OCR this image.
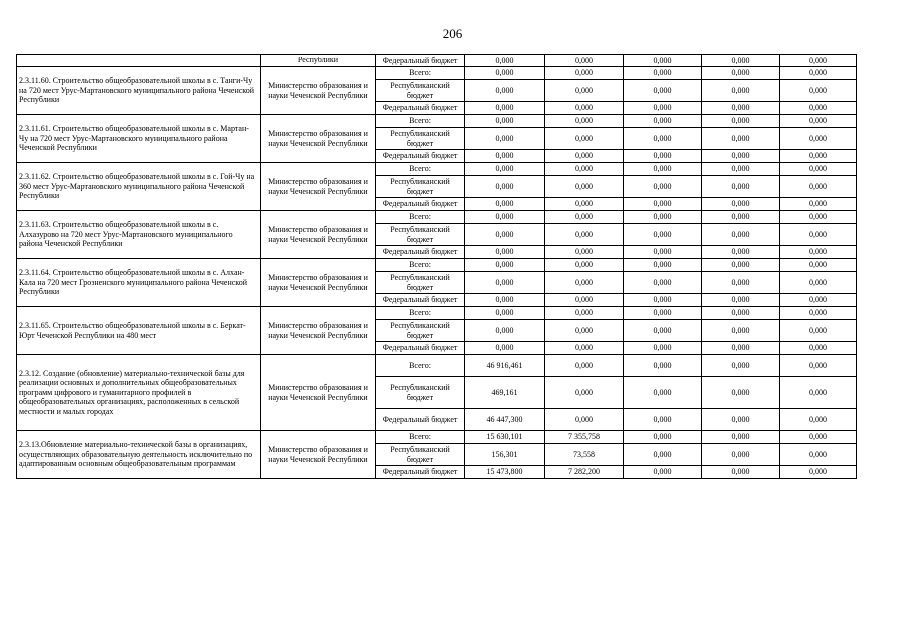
206

	Республики	Федеральный бюджет	0,000	0,000	0,000	0,000	0,000
2.3.11.60. Строительство общеобразовательной школы в с. Танги-Чу на 720 мест Урус-Мартановского муниципального района Чеченской Республики	Министерство образования и науки Чеченской Республики	Всего:	0,000	0,000	0,000	0,000	0,000
		Республиканский бюджет	0,000	0,000	0,000	0,000	0,000
		Федеральный бюджет	0,000	0,000	0,000	0,000	0,000
2.3.11.61. Строительство общеобразовательной школы в с. Мартан-Чу на 720 мест Урус-Мартановского муниципального района Чеченской Республики	Министерство образования и науки Чеченской Республики	Всего:	0,000	0,000	0,000	0,000	0,000
		Республиканский бюджет	0,000	0,000	0,000	0,000	0,000
		Федеральный бюджет	0,000	0,000	0,000	0,000	0,000
2.3.11.62. Строительство общеобразовательной школы в с. Гой-Чу на 360 мест Урус-Мартановского муниципального района Чеченской Республики	Министерство образования и науки Чеченской Республики	Всего:	0,000	0,000	0,000	0,000	0,000
		Республиканский бюджет	0,000	0,000	0,000	0,000	0,000
		Федеральный бюджет	0,000	0,000	0,000	0,000	0,000
2.3.11.63. Строительство общеобразовательной школы в с. Алхазурово на 720 мест Урус-Мартановского муниципального района Чеченской Республики	Министерство образования и науки Чеченской Республики	Всего:	0,000	0,000	0,000	0,000	0,000
		Республиканский бюджет	0,000	0,000	0,000	0,000	0,000
		Федеральный бюджет	0,000	0,000	0,000	0,000	0,000
2.3.11.64. Строительство общеобразовательной школы в с. Алхан-Кала на 720 мест Грозненского муниципального района Чеченской Республики	Министерство образования и науки Чеченской Республики	Всего:	0,000	0,000	0,000	0,000	0,000
		Республиканский бюджет	0,000	0,000	0,000	0,000	0,000
		Федеральный бюджет	0,000	0,000	0,000	0,000	0,000
2.3.11.65. Строительство общеобразовательной школы в с. Беркат-Юрт Чеченской Республики на 480 мест	Министерство образования и науки Чеченской Республики	Всего:	0,000	0,000	0,000	0,000	0,000
		Республиканский бюджет	0,000	0,000	0,000	0,000	0,000
		Федеральный бюджет	0,000	0,000	0,000	0,000	0,000
2.3.12. Создание (обновление) материально-технической базы для реализации основных и дополнительных общеобразовательных программ цифрового и гуманитарного профилей в общеобразовательных организациях, расположенных в сельской местности и малых городах	Министерство образования и науки Чеченской Республики	Всего:	46 916,461	0,000	0,000	0,000	0,000
		Республиканский бюджет	469,161	0,000	0,000	0,000	0,000
		Федеральный бюджет	46 447,300	0,000	0,000	0,000	0,000
2.3.13.Обновление материально-технической базы в организациях, осуществляющих образовательную деятельность исключительно по адаптированным основным общеобразовательным программам	Министерство образования и науки Чеченской Республики	Всего:	15 630,101	7 355,758	0,000	0,000	0,000
		Республиканский бюджет	156,301	73,558	0,000	0,000	0,000
		Федеральный бюджет	15 473,800	7 282,200	0,000	0,000	0,000
